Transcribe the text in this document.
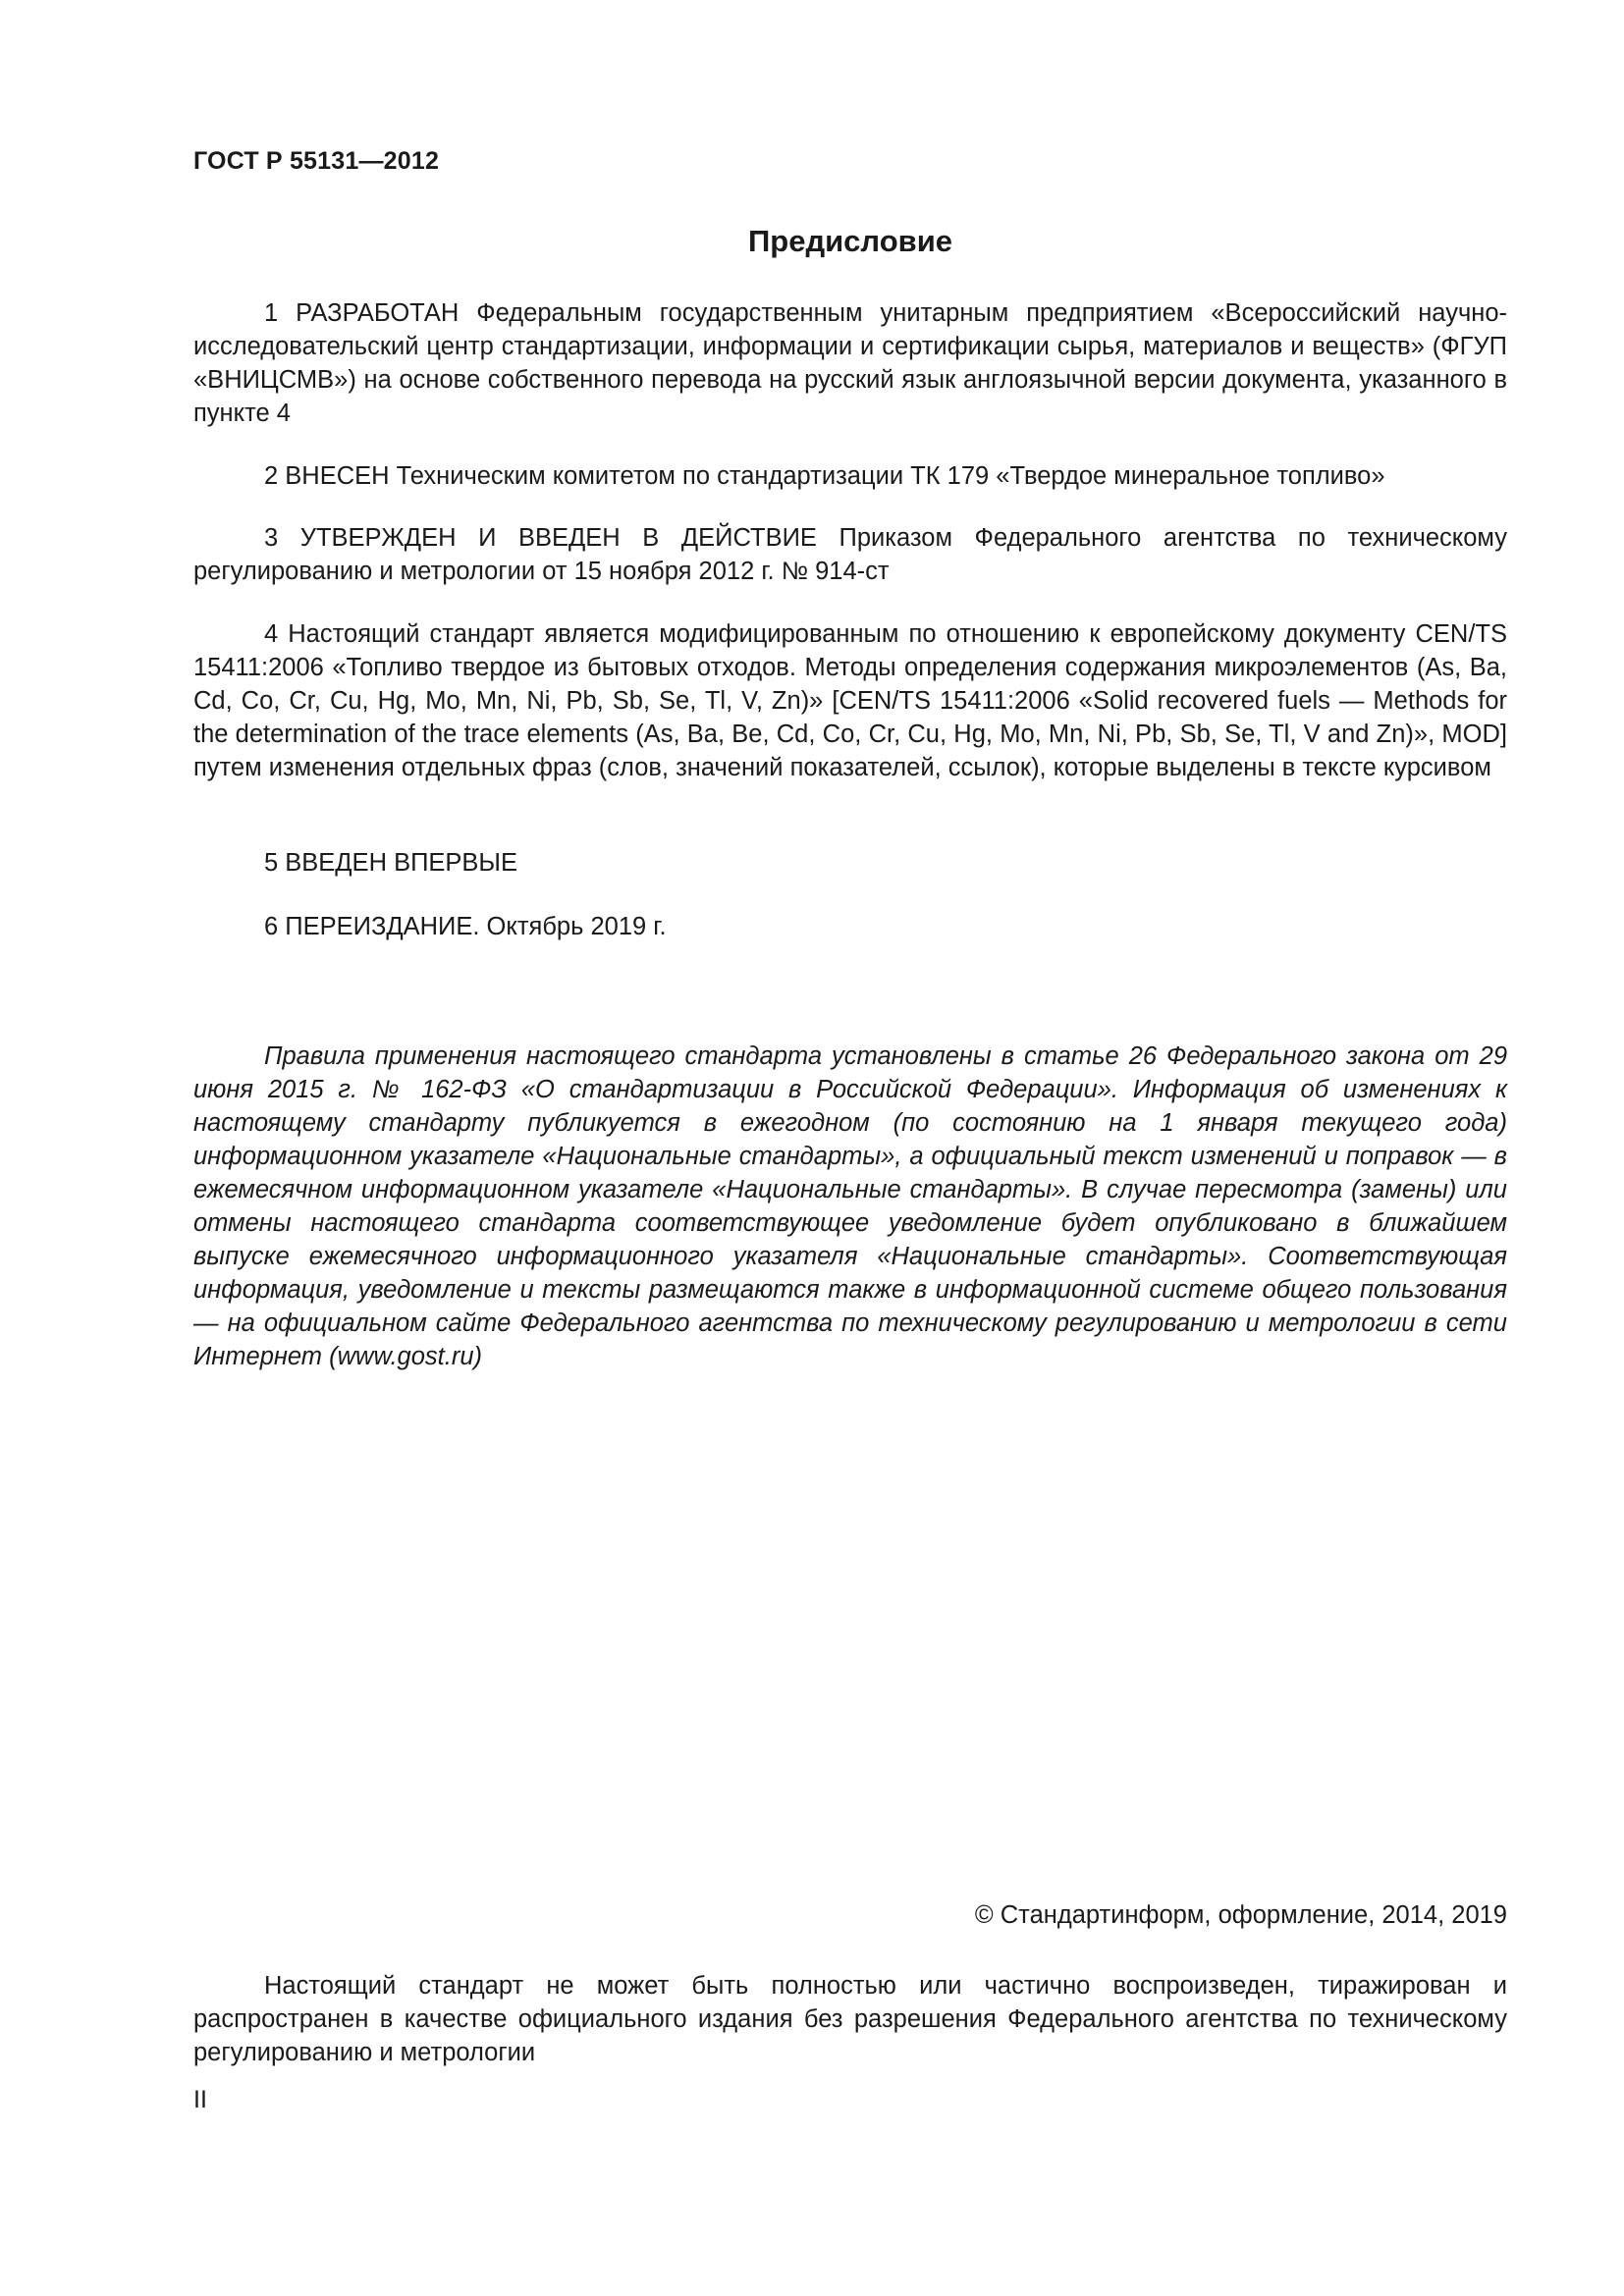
ГОСТ Р 55131—2012
Предисловие

1 РАЗРАБОТАН Федеральным государственным унитарным предприятием «Всероссийский научно-исследовательский центр стандартизации, информации и сертификации сырья, материалов и веществ» (ФГУП «ВНИЦСМВ») на основе собственного перевода на русский язык англоязычной версии документа, указанного в пункте 4

2 ВНЕСЕН Техническим комитетом по стандартизации ТК 179 «Твердое минеральное топливо»

3 УТВЕРЖДЕН И ВВЕДЕН В ДЕЙСТВИЕ Приказом Федерального агентства по техническому регулированию и метрологии от 15 ноября 2012 г. № 914-ст

4 Настоящий стандарт является модифицированным по отношению к европейскому документу CEN/TS 15411:2006 «Топливо твердое из бытовых отходов. Методы определения содержания микроэлементов (As, Ba, Cd, Co, Cr, Cu, Hg, Mo, Mn, Ni, Pb, Sb, Se, Tl, V, Zn)» [CEN/TS 15411:2006 «Solid recovered fuels — Methods for the determination of the trace elements (As, Ba, Be, Cd, Co, Cr, Cu, Hg, Mo, Mn, Ni, Pb, Sb, Se, Tl, V and Zn)», MOD] путем изменения отдельных фраз (слов, значений показателей, ссылок), которые выделены в тексте курсивом

5 ВВЕДЕН ВПЕРВЫЕ

6 ПЕРЕИЗДАНИЕ. Октябрь 2019 г.

Правила применения настоящего стандарта установлены в статье 26 Федерального закона от 29 июня 2015 г. № 162-ФЗ «О стандартизации в Российской Федерации». Информация об изменениях к настоящему стандарту публикуется в ежегодном (по состоянию на 1 января текущего года) информационном указателе «Национальные стандарты», а официальный текст изменений и поправок — в ежемесячном информационном указателе «Национальные стандарты». В случае пересмотра (замены) или отмены настоящего стандарта соответствующее уведомление будет опубликовано в ближайшем выпуске ежемесячного информационного указателя «Национальные стандарты». Соответствующая информация, уведомление и тексты размещаются также в информационной системе общего пользования — на официальном сайте Федерального агентства по техническому регулированию и метрологии в сети Интернет (www.gost.ru)

© Стандартинформ, оформление, 2014, 2019

Настоящий стандарт не может быть полностью или частично воспроизведен, тиражирован и распространен в качестве официального издания без разрешения Федерального агентства по техническому регулированию и метрологии

II
